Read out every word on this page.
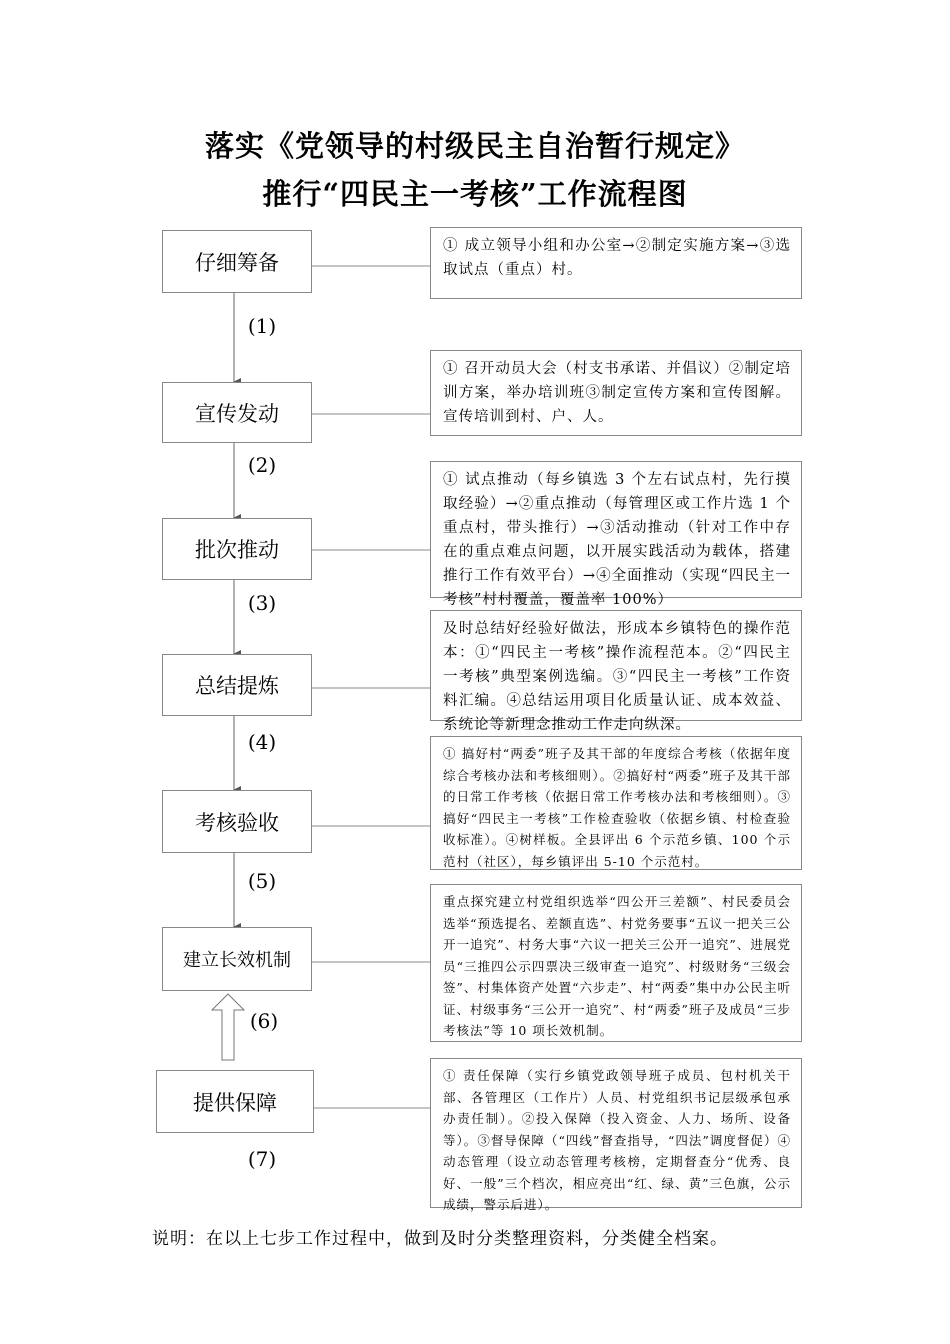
落实《党领导的村级民主自治暂行规定》
推行“四民主一考核”工作流程图
仔细筹备
宣传发动
批次推动
总结提炼
考核验收
建立长效机制
提供保障
(1)
(2)
(3)
(4)
(5)
(6)
(7)
① 成立领导小组和办公室→②制定实施方案→③选取试点（重点）村。
① 召开动员大会（村支书承诺、并倡议）②制定培训方案，举办培训班③制定宣传方案和宣传图解。宣传培训到村、户、人。
① 试点推动（每乡镇选 3 个左右试点村，先行摸取经验）→②重点推动（每管理区或工作片选 1 个重点村，带头推行）→③活动推动（针对工作中存在的重点难点问题，以开展实践活动为载体，搭建推行工作有效平台）→④全面推动（实现“四民主一考核”村村覆盖，覆盖率 100%）
及时总结好经验好做法，形成本乡镇特色的操作范本：①“四民主一考核”操作流程范本。②“四民主一考核”典型案例选编。③“四民主一考核”工作资料汇编。④总结运用项目化质量认证、成本效益、系统论等新理念推动工作走向纵深。
① 搞好村“两委”班子及其干部的年度综合考核（依据年度综合考核办法和考核细则）。②搞好村“两委”班子及其干部的日常工作考核（依据日常工作考核办法和考核细则）。③搞好“四民主一考核”工作检查验收（依据乡镇、村检查验收标准）。④树样板。全县评出 6 个示范乡镇、100 个示范村（社区），每乡镇评出 5-10 个示范村。
重点探究建立村党组织选举“四公开三差额”、村民委员会选举“预选提名、差额直选”、村党务要事“五议一把关三公开一追究”、村务大事“六议一把关三公开一追究”、进展党员“三推四公示四票决三级审查一追究”、村级财务“三级会签”、村集体资产处置“六步走”、村“两委”集中办公民主听证、村级事务“三公开一追究”、村“两委”班子及成员“三步考核法”等 10 项长效机制。
① 责任保障（实行乡镇党政领导班子成员、包村机关干部、各管理区（工作片）人员、村党组织书记层级承包承办责任制）。②投入保障（投入资金、人力、场所、设备等）。③督导保障（“四线”督查指导，“四法”调度督促）④动态管理（设立动态管理考核榜，定期督查分“优秀、良好、一般”三个档次，相应亮出“红、绿、黄”三色旗，公示成绩，警示后进）。
说明：在以上七步工作过程中，做到及时分类整理资料，分类健全档案。
